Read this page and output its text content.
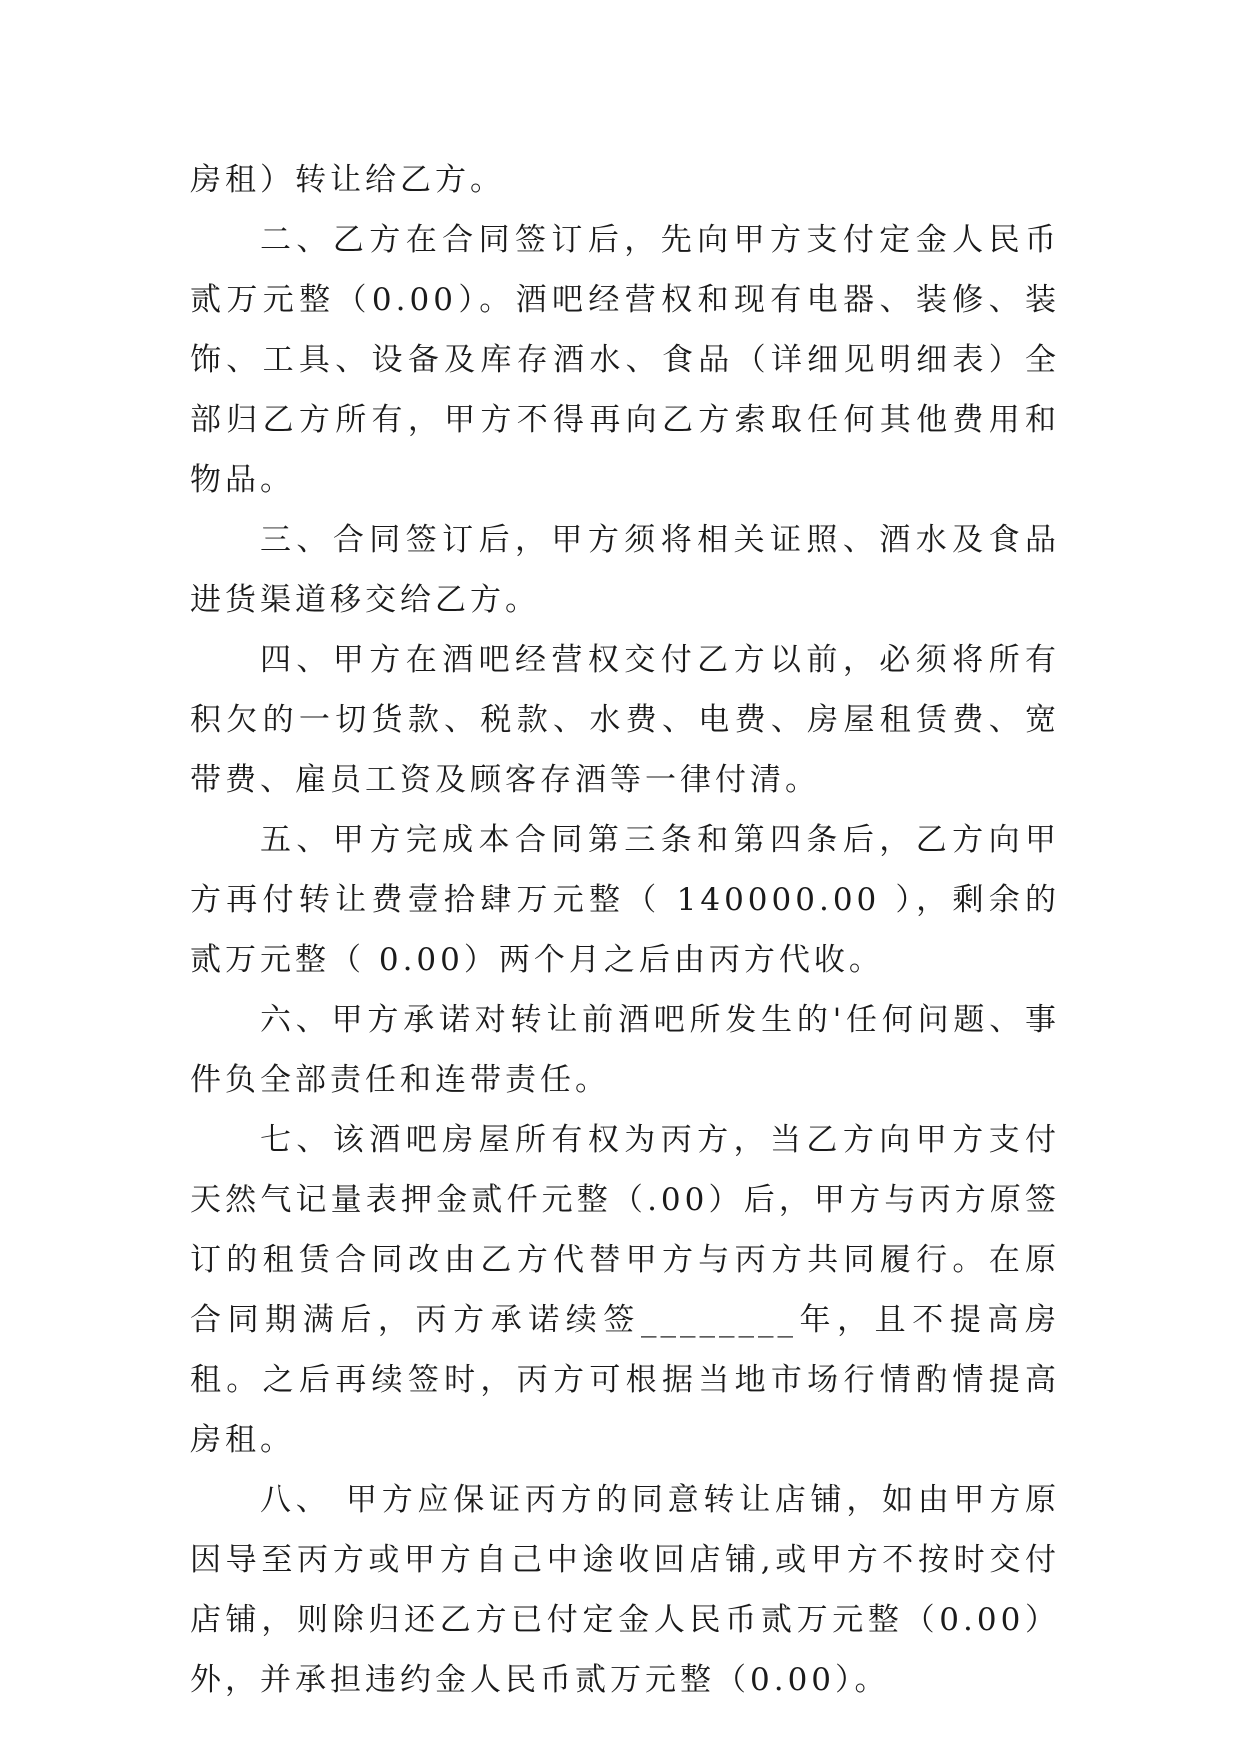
房租）转让给乙方。

二、乙方在合同签订后，先向甲方支付定金人民币贰万元整（0.00）。酒吧经营权和现有电器、装修、装饰、工具、设备及库存酒水、食品（详细见明细表）全部归乙方所有，甲方不得再向乙方索取任何其他费用和物品。

三、合同签订后，甲方须将相关证照、酒水及食品进货渠道移交给乙方。

四、甲方在酒吧经营权交付乙方以前，必须将所有积欠的一切货款、税款、水费、电费、房屋租赁费、宽带费、雇员工资及顾客存酒等一律付清。

五、甲方完成本合同第三条和第四条后，乙方向甲方再付转让费壹拾肆万元整（ 140000.00 ），剩余的贰万元整（ 0.00）两个月之后由丙方代收。

六、甲方承诺对转让前酒吧所发生的'任何问题、事件负全部责任和连带责任。

七、该酒吧房屋所有权为丙方，当乙方向甲方支付天然气记量表押金贰仟元整（.00）后，甲方与丙方原签订的租赁合同改由乙方代替甲方与丙方共同履行。在原合同期满后，丙方承诺续签________年，且不提高房租。之后再续签时，丙方可根据当地市场行情酌情提高房租。

八、 甲方应保证丙方的同意转让店铺，如由甲方原因导至丙方或甲方自己中途收回店铺,或甲方不按时交付店铺，则除归还乙方已付定金人民币贰万元整（0.00）外，并承担违约金人民币贰万元整（0.00）。
